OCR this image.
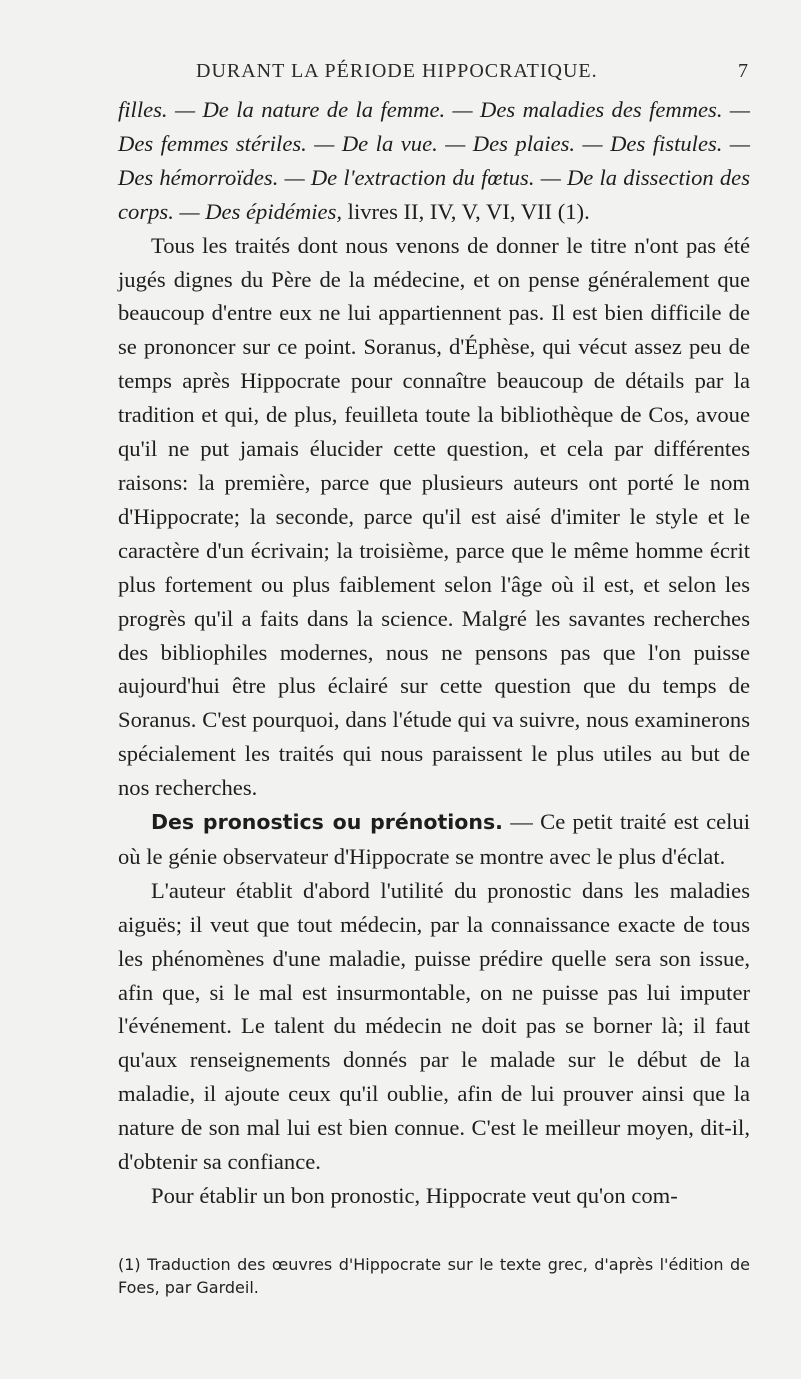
DURANT LA PÉRIODE HIPPOCRATIQUE.	7

filles. — De la nature de la femme. — Des maladies des femmes. — Des femmes stériles. — De la vue. — Des plaies. — Des fistules. — Des hémorroïdes. — De l'extraction du fœtus. — De la dissection des corps. — Des épidémies, livres II, IV, V, VI, VII (1).

Tous les traités dont nous venons de donner le titre n'ont pas été jugés dignes du Père de la médecine, et on pense généralement que beaucoup d'entre eux ne lui appartiennent pas. Il est bien difficile de se prononcer sur ce point. Soranus, d'Éphèse, qui vécut assez peu de temps après Hippocrate pour connaître beaucoup de détails par la tradition et qui, de plus, feuilleta toute la bibliothèque de Cos, avoue qu'il ne put jamais élucider cette question, et cela par différentes raisons: la première, parce que plusieurs auteurs ont porté le nom d'Hippocrate; la seconde, parce qu'il est aisé d'imiter le style et le caractère d'un écrivain; la troisième, parce que le même homme écrit plus fortement ou plus faiblement selon l'âge où il est, et selon les progrès qu'il a faits dans la science. Malgré les savantes recherches des bibliophiles modernes, nous ne pensons pas que l'on puisse aujourd'hui être plus éclairé sur cette question que du temps de Soranus. C'est pourquoi, dans l'étude qui va suivre, nous examinerons spécialement les traités qui nous paraissent le plus utiles au but de nos recherches.

Des pronostics ou prénotions. — Ce petit traité est celui où le génie observateur d'Hippocrate se montre avec le plus d'éclat.

L'auteur établit d'abord l'utilité du pronostic dans les maladies aiguës; il veut que tout médecin, par la connaissance exacte de tous les phénomènes d'une maladie, puisse prédire quelle sera son issue, afin que, si le mal est insurmontable, on ne puisse pas lui imputer l'événement. Le talent du médecin ne doit pas se borner là; il faut qu'aux renseignements donnés par le malade sur le début de la maladie, il ajoute ceux qu'il oublie, afin de lui prouver ainsi que la nature de son mal lui est bien connue. C'est le meilleur moyen, dit-il, d'obtenir sa confiance.

Pour établir un bon pronostic, Hippocrate veut qu'on com-

(1) Traduction des œuvres d'Hippocrate sur le texte grec, d'après l'édition de Foes, par Gardeil.
